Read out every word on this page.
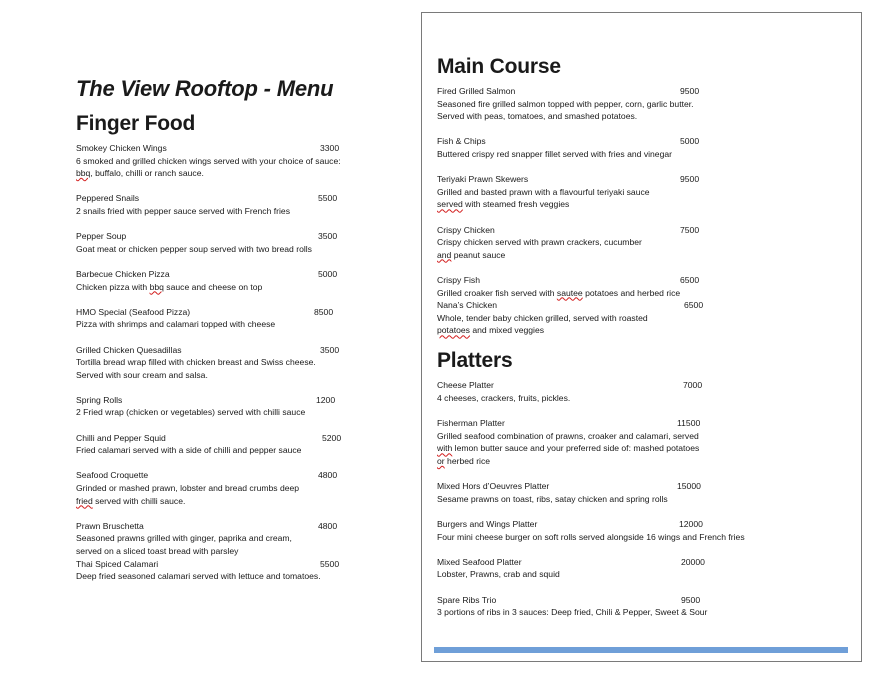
The View Rooftop - Menu
Finger Food
Smokey Chicken Wings	3300
6 smoked and grilled chicken wings served with your choice of sauce:
bbq, buffalo, chilli or ranch sauce.
Peppered Snails	5500
2 snails fried with pepper sauce served with French fries
Pepper Soup	3500
Goat meat or chicken pepper soup served with two bread rolls
Barbecue Chicken Pizza	5000
Chicken pizza with bbq sauce and cheese on top
HMO Special (Seafood Pizza)	8500
Pizza with shrimps and calamari topped with cheese
Grilled Chicken Quesadillas	3500
Tortilla bread wrap filled with chicken breast and Swiss cheese.
Served with sour cream and salsa.
Spring Rolls	1200
2 Fried wrap (chicken or vegetables) served with chilli sauce
Chilli and Pepper Squid	5200
Fried calamari served with a side of chilli and pepper sauce
Seafood Croquette	4800
Grinded or mashed prawn, lobster and bread crumbs deep
fried served with chilli sauce.
Prawn Bruschetta	4800
Seasoned prawns grilled with ginger, paprika and cream,
served on a sliced toast bread with parsley
Thai Spiced Calamari	5500
Deep fried seasoned calamari served with lettuce and tomatoes.
Main Course
Fired Grilled Salmon	9500
Seasoned fire grilled salmon topped with pepper, corn, garlic butter.
Served with peas, tomatoes, and smashed potatoes.
Fish & Chips	5000
Buttered crispy red snapper fillet served with fries and vinegar
Teriyaki Prawn Skewers	9500
Grilled and basted prawn with a flavourful teriyaki sauce
served with steamed fresh veggies
Crispy Chicken	7500
Crispy chicken served with prawn crackers, cucumber
and peanut sauce
Crispy Fish	6500
Grilled croaker fish served with sautee potatoes and herbed rice
Nana’s Chicken	6500
Whole, tender baby chicken grilled, served with roasted
potatoes and mixed veggies
Platters
Cheese Platter	7000
4 cheeses, crackers, fruits, pickles.
Fisherman Platter	11500
Grilled seafood combination of prawns, croaker and calamari, served
with lemon butter sauce and your preferred side of: mashed potatoes
or herbed rice
Mixed Hors d’Oeuvres Platter	15000
Sesame prawns on toast, ribs, satay chicken and spring rolls
Burgers and Wings Platter	12000
Four mini cheese burger on soft rolls served alongside 16 wings and French fries
Mixed Seafood Platter	20000
Lobster, Prawns, crab and squid
Spare Ribs Trio	9500
3 portions of ribs in 3 sauces: Deep fried, Chili & Pepper, Sweet & Sour
